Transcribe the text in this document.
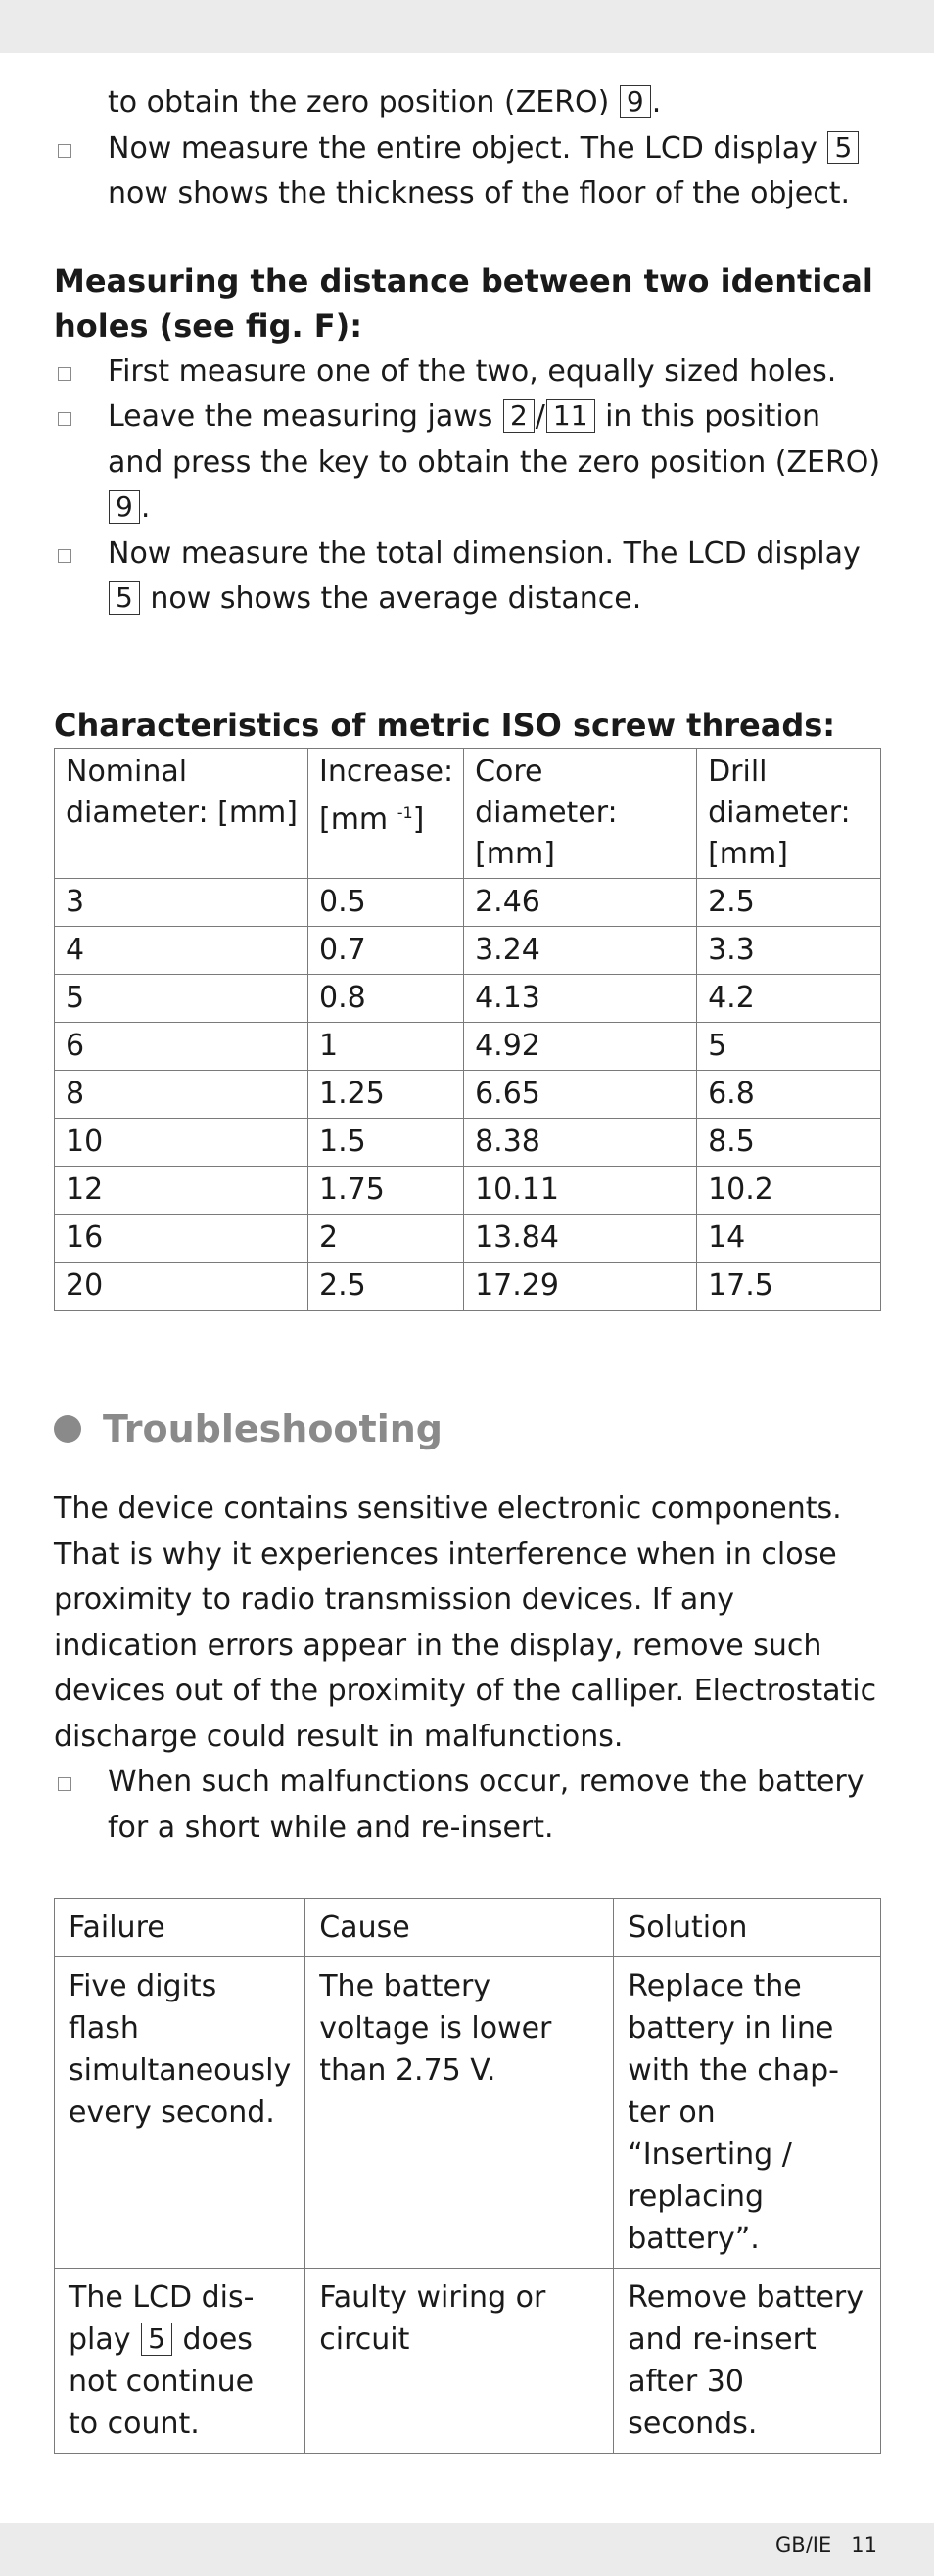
to obtain the zero position (ZERO) 9 .

Now measure the entire object. The LCD display 5 now shows the thickness of the floor of the object.

Measuring the distance between two identical holes (see fig. F):

First measure one of the two, equally sized holes.

Leave the measuring jaws 2 / 11 in this position and press the key to obtain the zero position (ZERO) 9 .

Now measure the total dimension. The LCD display 5 now shows the average distance.

Characteristics of metric ISO screw threads:

Nominal diameter: [mm]	Increase: [mm $^{-1}$]	Core diameter: [mm]	Drill diameter: [mm]
3	0.5	2.46	2.5
4	0.7	3.24	3.3
5	0.8	4.13	4.2
6	1	4.92	5
8	1.25	6.65	6.8
10	1.5	8.38	8.5
12	1.75	10.11	10.2
16	2	13.84	14
20	2.5	17.29	17.5
Troubleshooting

The device contains sensitive electronic components. That is why it experiences interference when in close proximity to radio transmission devices. If any indication errors appear in the display, remove such devices out of the proximity of the calliper. Electrostatic discharge could result in malfunctions.

When such malfunctions occur, remove the battery for a short while and re-insert.

Failure	Cause	Solution
Five digits flash simultaneously every second.	The battery voltage is lower than 2.75 V.	Replace the battery in line with the chap-ter on “Inserting / replacing battery”.
The LCD dis-play 5 does not continue to count.	Faulty wiring or circuit	Remove battery and re-insert after 30 seconds.
GB/IE   11
